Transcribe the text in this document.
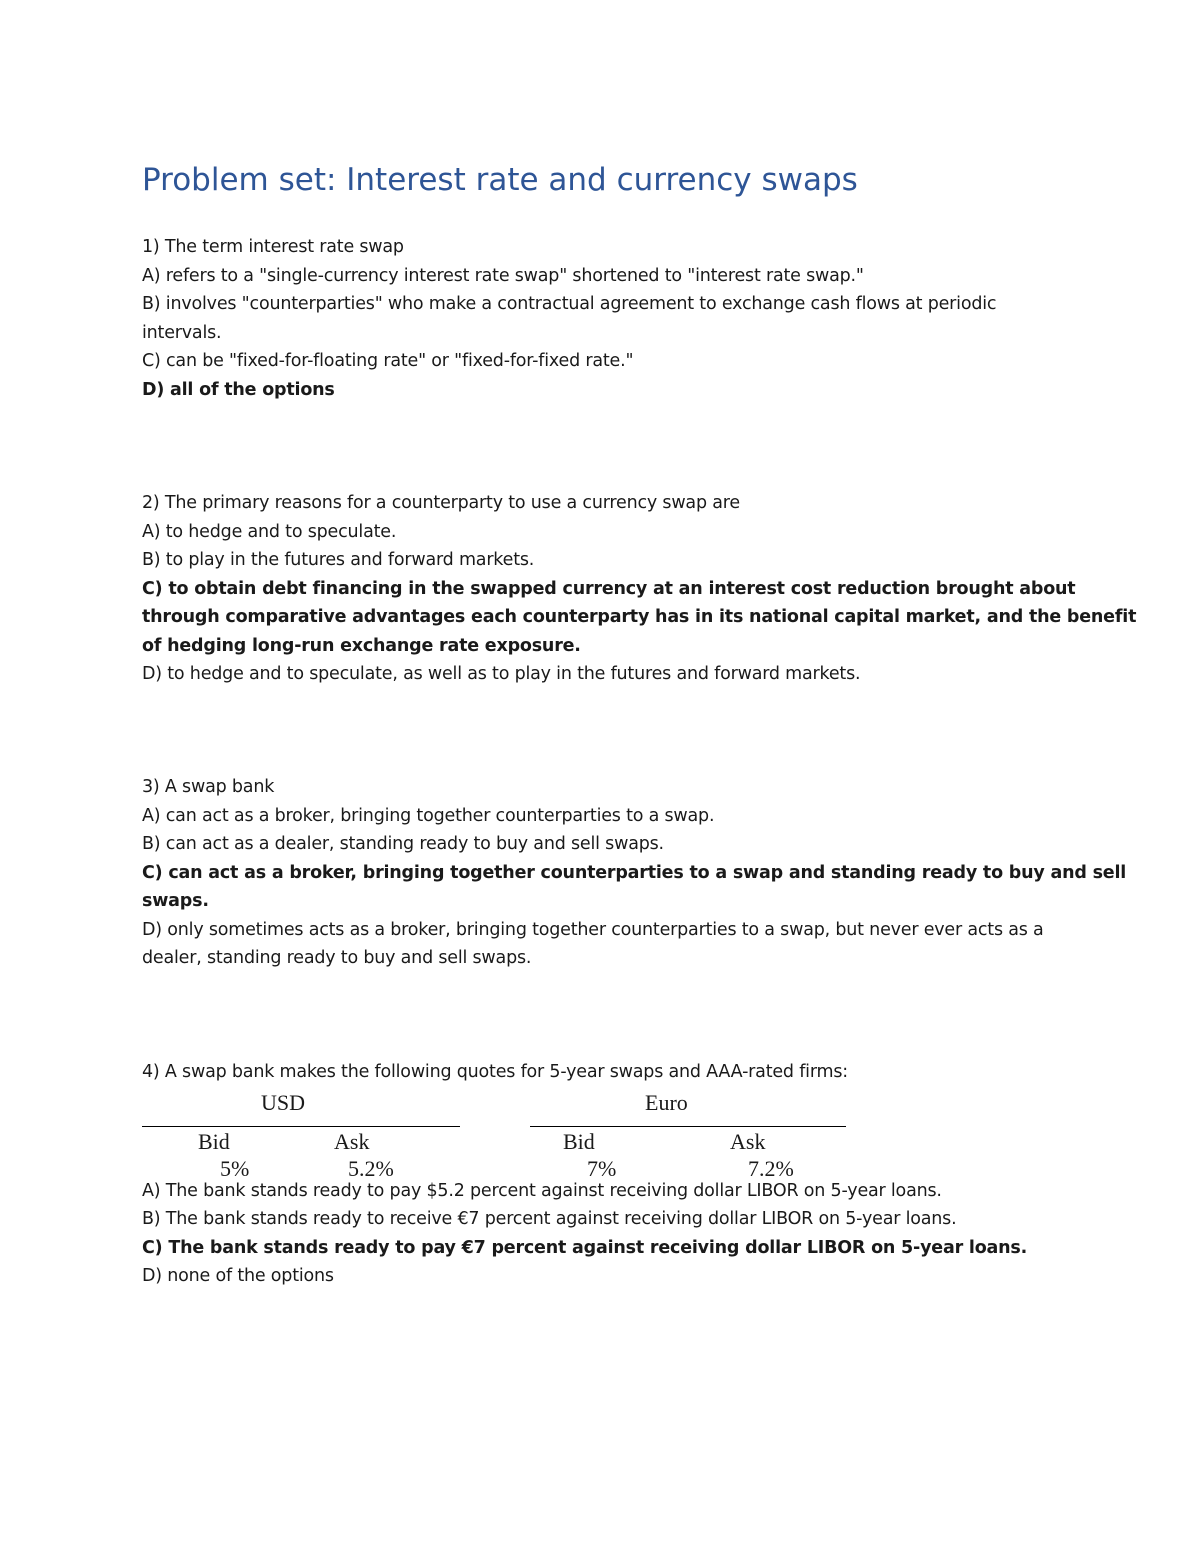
Problem set: Interest rate and currency swaps

1) The term interest rate swap

A) refers to a "single-currency interest rate swap" shortened to "interest rate swap."

B) involves "counterparties" who make a contractual agreement to exchange cash flows at periodic

intervals.

C) can be "fixed-for-floating rate" or "fixed-for-fixed rate."

D) all of the options

2) The primary reasons for a counterparty to use a currency swap are

A) to hedge and to speculate.

B) to play in the futures and forward markets.

C) to obtain debt financing in the swapped currency at an interest cost reduction brought about

through comparative advantages each counterparty has in its national capital market, and the benefit

of hedging long-run exchange rate exposure.

D) to hedge and to speculate, as well as to play in the futures and forward markets.

3) A swap bank

A) can act as a broker, bringing together counterparties to a swap.

B) can act as a dealer, standing ready to buy and sell swaps.

C) can act as a broker, bringing together counterparties to a swap and standing ready to buy and sell

swaps.

D) only sometimes acts as a broker, bringing together counterparties to a swap, but never ever acts as a

dealer, standing ready to buy and sell swaps.

4) A swap bank makes the following quotes for 5-year swaps and AAA-rated firms:

USD
Bid	Ask
5%	5.2%
Euro
Bid	Ask
7%	7.2%

A) The bank stands ready to pay $5.2 percent against receiving dollar LIBOR on 5-year loans.

B) The bank stands ready to receive €7 percent against receiving dollar LIBOR on 5-year loans.

C) The bank stands ready to pay €7 percent against receiving dollar LIBOR on 5-year loans.

D) none of the options
